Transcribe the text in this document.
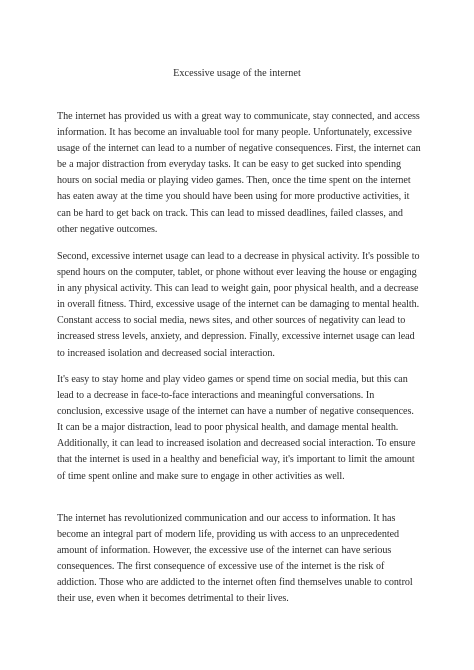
Excessive usage of the internet

The internet has provided us with a great way to communicate, stay connected, and access information. It has become an invaluable tool for many people. Unfortunately, excessive usage of the internet can lead to a number of negative consequences. First, the internet can be a major distraction from everyday tasks. It can be easy to get sucked into spending hours on social media or playing video games. Then, once the time spent on the internet has eaten away at the time you should have been using for more productive activities, it can be hard to get back on track. This can lead to missed deadlines, failed classes, and other negative outcomes.

Second, excessive internet usage can lead to a decrease in physical activity. It's possible to spend hours on the computer, tablet, or phone without ever leaving the house or engaging in any physical activity. This can lead to weight gain, poor physical health, and a decrease in overall fitness. Third, excessive usage of the internet can be damaging to mental health. Constant access to social media, news sites, and other sources of negativity can lead to increased stress levels, anxiety, and depression. Finally, excessive internet usage can lead to increased isolation and decreased social interaction.

It's easy to stay home and play video games or spend time on social media, but this can lead to a decrease in face-to-face interactions and meaningful conversations. In conclusion, excessive usage of the internet can have a number of negative consequences. It can be a major distraction, lead to poor physical health, and damage mental health. Additionally, it can lead to increased isolation and decreased social interaction. To ensure that the internet is used in a healthy and beneficial way, it's important to limit the amount of time spent online and make sure to engage in other activities as well.

The internet has revolutionized communication and our access to information. It has become an integral part of modern life, providing us with access to an unprecedented amount of information. However, the excessive use of the internet can have serious consequences. The first consequence of excessive use of the internet is the risk of addiction. Those who are addicted to the internet often find themselves unable to control their use, even when it becomes detrimental to their lives.
